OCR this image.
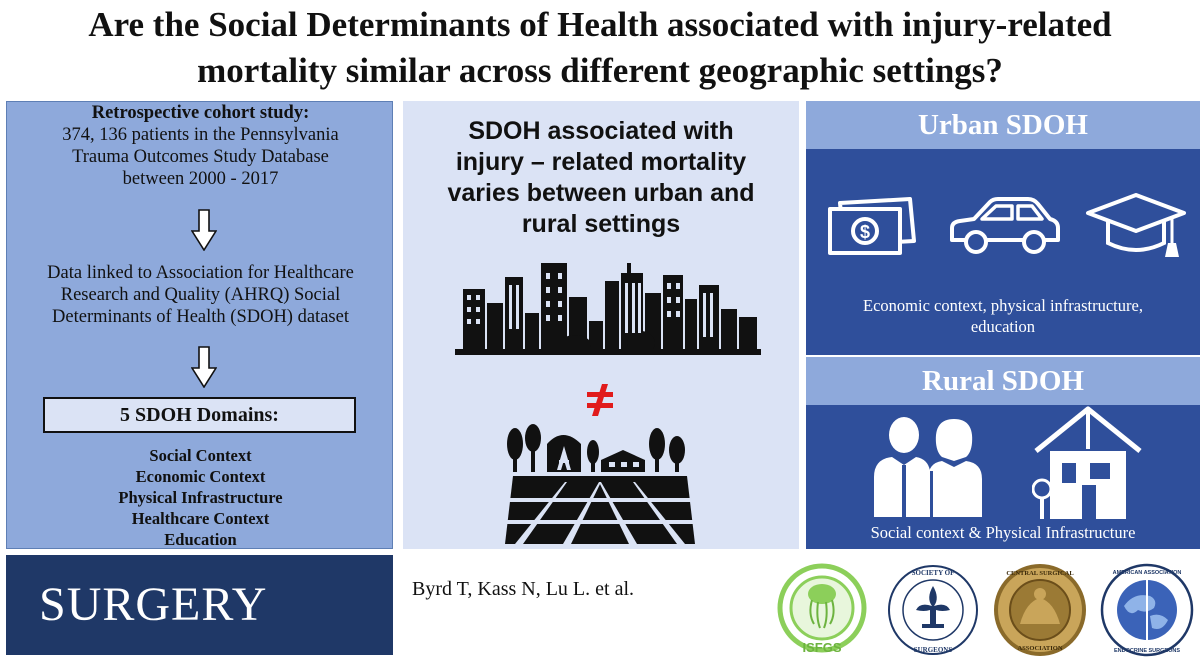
Are the Social Determinants of Health associated with injury-related
mortality similar across different geographic settings?
Retrospective cohort study:
374, 136 patients in the Pennsylvania
Trauma Outcomes Study Database
between 2000 - 2017
Data linked to Association for Healthcare
Research and Quality (AHRQ) Social
Determinants of Health (SDOH) dataset
5 SDOH Domains:
Social Context
Economic Context
Physical Infrastructure
Healthcare Context
Education
SDOH associated with
injury – related mortality
varies between urban and
rural settings
Urban SDOH
$
Economic context, physical infrastructure,
education
Rural SDOH
Social context & Physical Infrastructure
SURGERY	Byrd T, Kass N, Lu L. et al.
ISFGS
SOCIETY OF
SURGEONS
CENTRAL SURGICAL
ASSOCIATION
AMERICAN ASSOCIATION
ENDOCRINE SURGEONS
